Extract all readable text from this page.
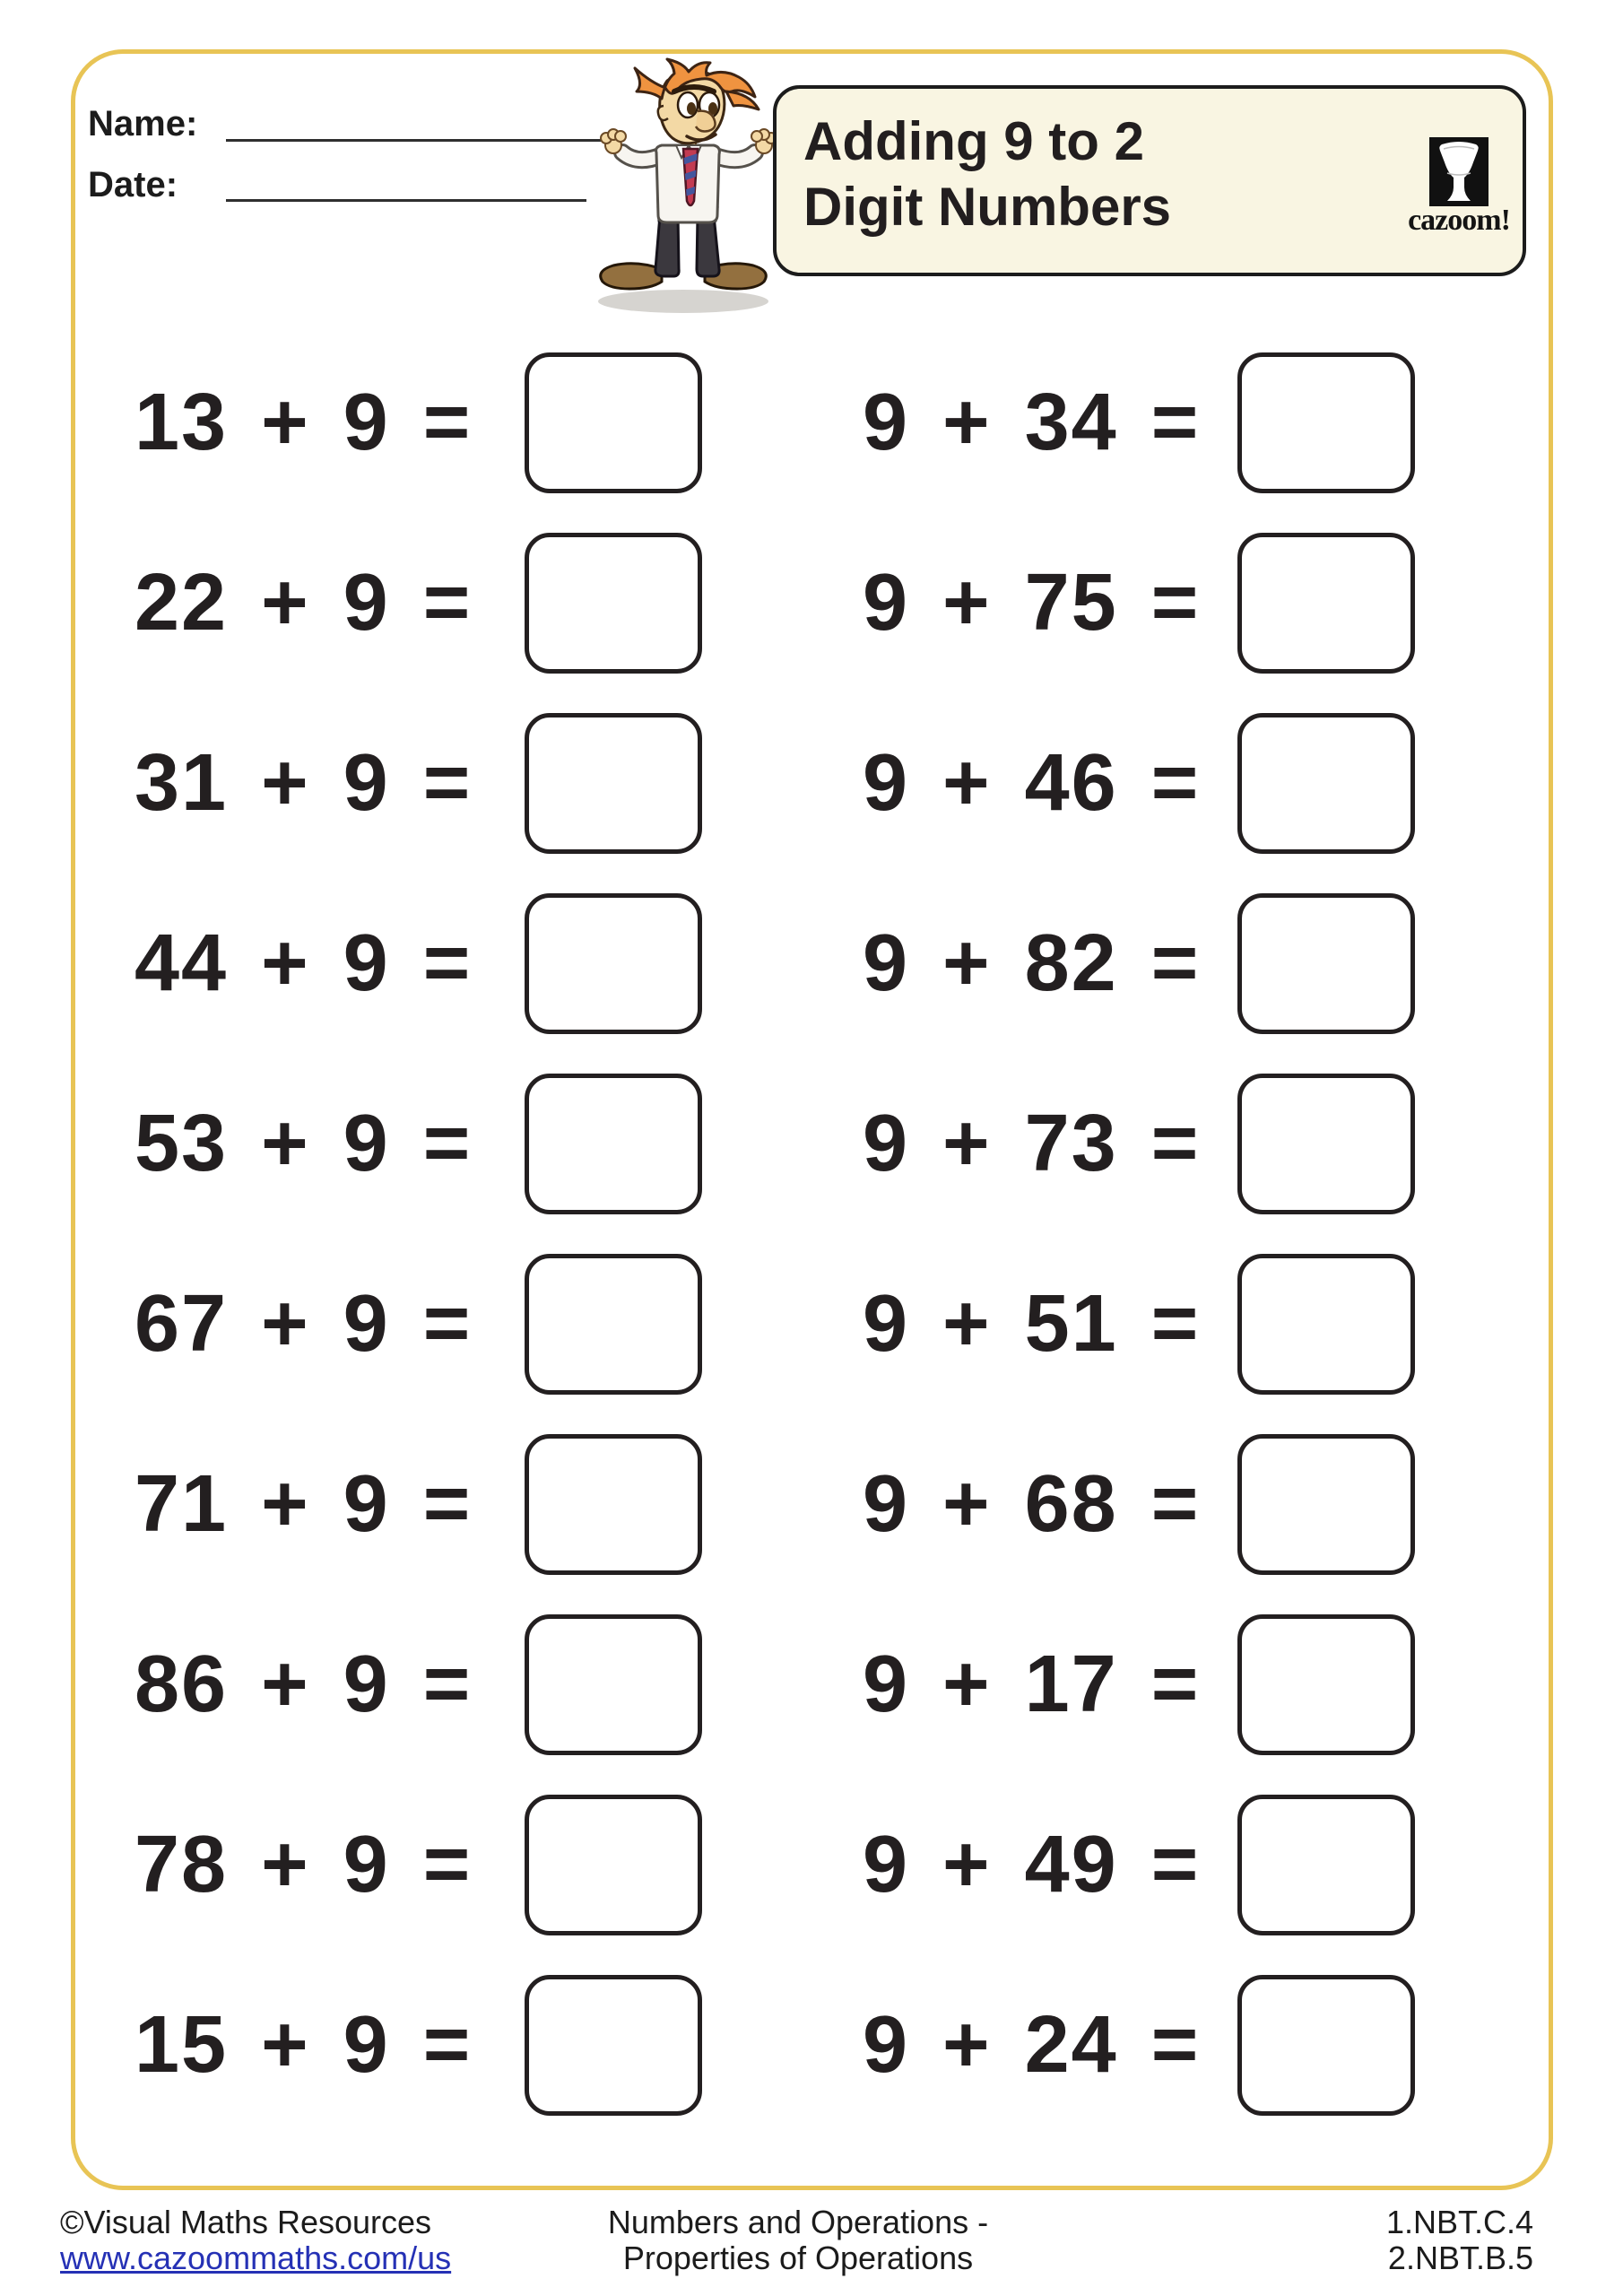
Name:
Date:
Adding 9 to 2
Digit Numbers	cazoom!
13 + 9 =
22 + 9 =
31 + 9 =
44 + 9 =
53 + 9 =
67 + 9 =
71 + 9 =
86 + 9 =
78 + 9 =
15 + 9 =
9 + 34 =
9 + 75 =
9 + 46 =
9 + 82 =
9 + 73 =
9 + 51 =
9 + 68 =
9 + 17 =
9 + 49 =
9 + 24 =
©Visual Maths Resources
www.cazoommaths.com/us
Numbers and Operations -
Properties of Operations
1.NBT.C.4
2.NBT.B.5
